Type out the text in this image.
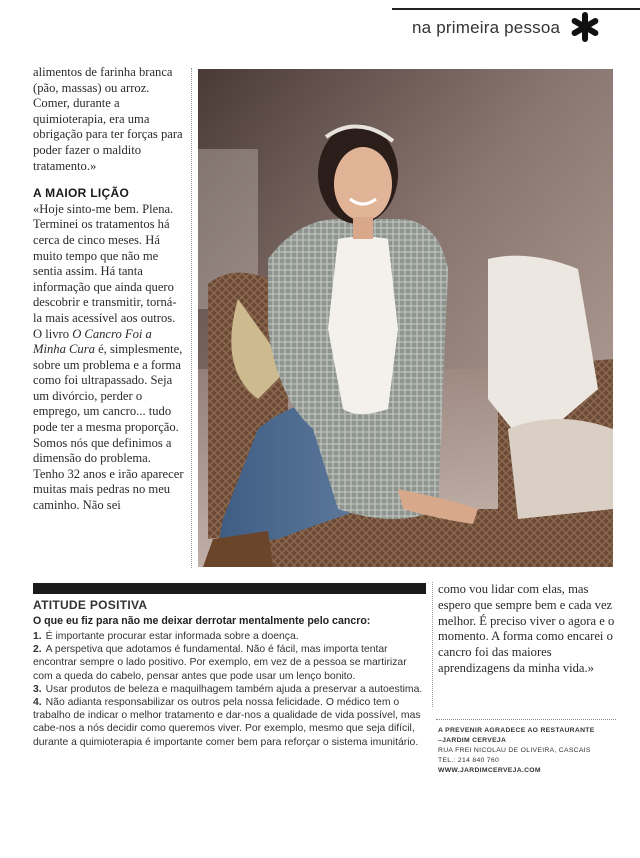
na primeira pessoa

alimentos de farinha branca (pão, massas) ou arroz. Comer, durante a quimioterapia, era uma obrigação para ter forças para poder fazer o maldito tratamento.»

A MAIOR LIÇÃO

«Hoje sinto-me bem. Plena. Terminei os tratamentos há cerca de cinco meses. Há muito tempo que não me sentia assim. Há tanta informação que ainda quero descobrir e transmitir, torná-la mais acessível aos outros.

O livro O Cancro Foi a Minha Cura é, simplesmente, sobre um problema e a forma como foi ultrapassado. Seja um divórcio, perder o emprego, um cancro... tudo pode ter a mesma proporção. Somos nós que definimos a dimensão do problema. Tenho 32 anos e irão aparecer muitas mais pedras no meu caminho. Não sei

ATITUDE POSITIVA

O que eu fiz para não me deixar derrotar mentalmente pelo cancro:

1. É importante procurar estar informada sobre a doença.

2. A perspetiva que adotamos é fundamental. Não é fácil, mas importa tentar encontrar sempre o lado positivo. Por exemplo, em vez de a pessoa se martirizar com a queda do cabelo, pensar antes que pode usar um lenço bonito.

3. Usar produtos de beleza e maquilhagem também ajuda a preservar a autoestima.

4. Não adianta responsabilizar os outros pela nossa felicidade. O médico tem o trabalho de indicar o melhor tratamento e dar-nos a qualidade de vida possível, mas cabe-nos a nós decidir como queremos viver. Por exemplo, mesmo que seja difícil, durante a quimioterapia é importante comer bem para reforçar o sistema imunitário.

como vou lidar com elas, mas espero que sempre bem e cada vez melhor. É preciso viver o agora e o momento. A forma como encarei o cancro foi das maiores aprendizagens da minha vida.»

A PREVENIR AGRADECE AO RESTAURANTE

–JARDIM CERVEJA

RUA FREI NICOLAU DE OLIVEIRA, CASCAIS

TEL.: 214 840 760

WWW.JARDIMCERVEJA.COM
